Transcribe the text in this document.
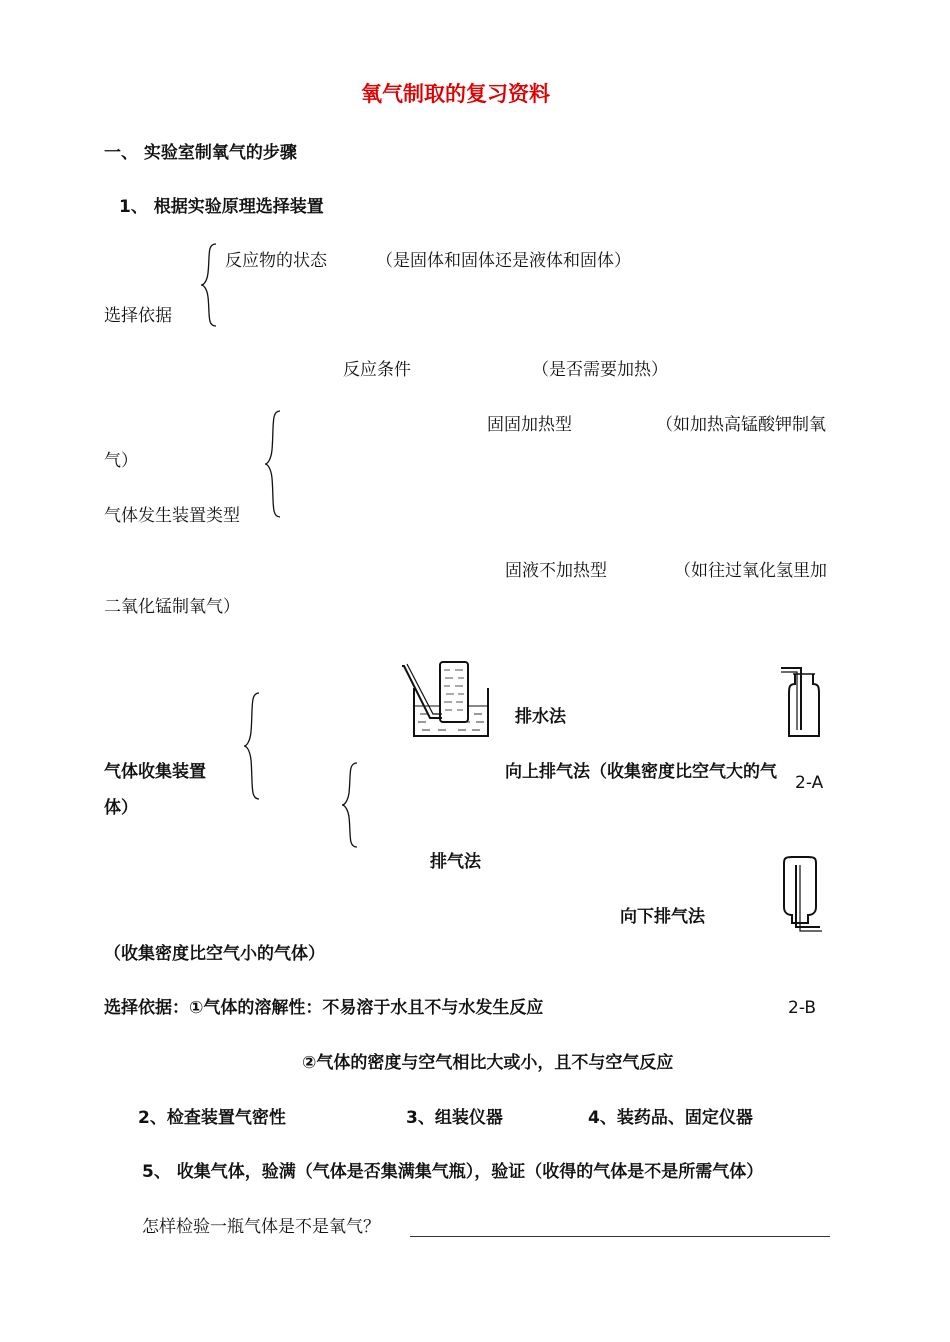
氧气制取的复习资料
一、 实验室制氧气的步骤
1、 根据实验原理选择装置
反应物的状态	（是固体和固体还是液体和固体）
选择依据
反应条件	（是否需要加热）
固固加热型	（如加热高锰酸钾制氧
气）
气体发生装置类型
固液不加热型	（如往过氧化氢里加
二氧化锰制氧气）
排水法
2-A
气体收集装置	向上排气法（收集密度比空气大的气
体）
排气法
向下排气法
（收集密度比空气小的气体）
选择依据：①气体的溶解性：不易溶于水且不与水发生反应	2-B
②气体的密度与空气相比大或小，且不与空气反应
2、检查装置气密性	3、组装仪器	4、装药品、固定仪器
5、 收集气体，验满（气体是否集满集气瓶），验证（收得的气体是不是所需气体）
怎样检验一瓶气体是不是氧气？
